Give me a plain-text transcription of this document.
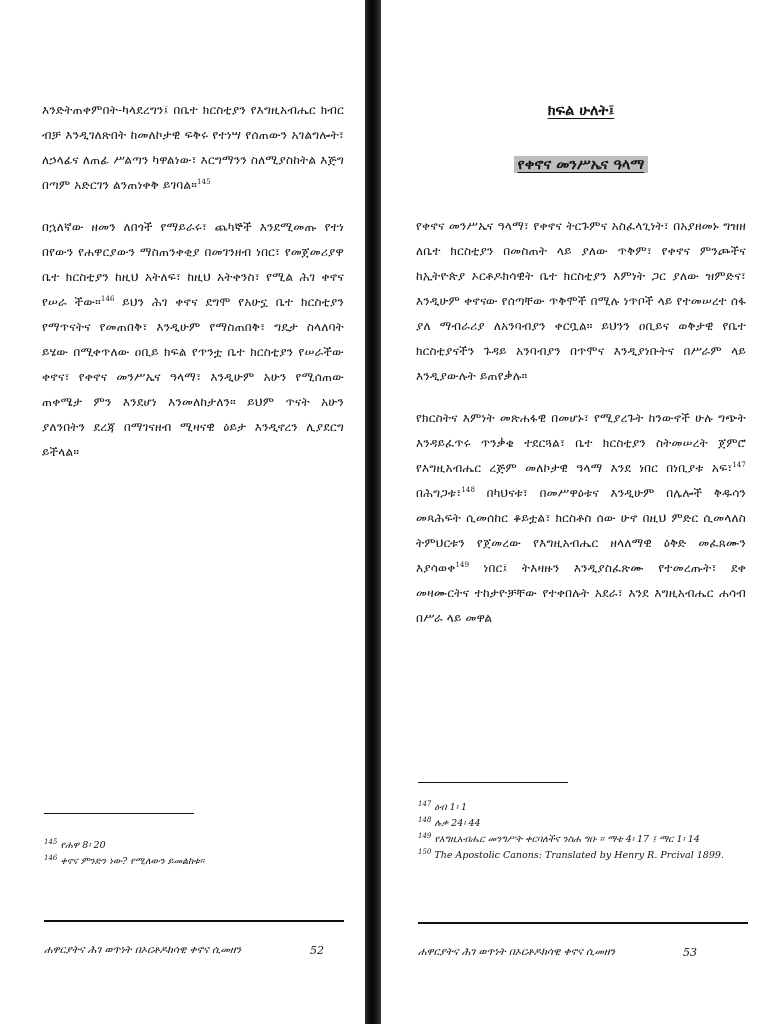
እንድትጠቀምበት-ካላደረግን፤ በቤተ ክርስቲያን የእግዚአብሔር ክብር ብቻ እንዲገለጽበት ከመለኮታዊ ፍቅሩ የተነሣ የሰጠውን አገልግሎት፣ ለኃላፊና ለጠፊ ሥልጣን ካዋልነው፣ እርግማንን ስለሚያስከትል እጅግ በጣም አድርገን ልንጠነቀቅ ይገባል።$^{145}$

በኋለኛው ዘመን ለበጎች የማይራሩ፣ ጨካኞች እንደሚመጡ የተነ በየውን የሐዋርያውን ማስጠንቀቂያ በመገንዘብ ነበር፣ የመጀመሪያዋ ቤተ ክርስቲያን ከዚህ አትለፍ፣ ከዚህ አትቀንስ፣ የሚል ሕገ ቀኖና የሠራ ችው።$^{146}$ ይህን ሕገ ቀኖና ደግሞ የአሁኗ ቤተ ክርስቲያን የማጥናትና የመጠበቅ፣ እንዲሁም የማስጠበቅ፣ ግዴታ ስላለባት ይሄው በሚቀጥለው ዐቢይ ክፍል የጥንቷ ቤተ ክርስቲያን የሠራችው ቀኖና፣ የቀኖና መንሥኤና ዓላማ፣ እንዲሁም አሁን የሚሰጠው ጠቀሜታ ምን እንደሆነ እንመለከታለን። ይህም ጥናት አሁን ያለንበትን ደረጃ በማገናዘብ ሚዛናዊ ዕይታ እንዲኖረን ሊያደርግ ይችላል።

$^{145}$ የሐዋ 8፡ 20
$^{146}$ ቀኖና ምንድን ነው? የሚለውን ይመልከቱ።
ሐዋርያትና ሕገ ወጥነት በኦርቶዶክሳዊ ቀኖና ሲመዘን	52
ክፍል ሁለት፤
የቀኖና መንሥኤና ዓላማ

የቀኖና መንሥኤና ዓላማ፣ የቀኖና ትርጉምና አስፈላጊነት፣ በአያዘመኑ ግዝዘ ለቤተ ክርስቲያን በመስጠት ላይ ያለው ጥቅም፣ የቀኖና ምንጮችና ከኢትዮጵያ ኦርቶዶክሳዊት ቤተ ክርስቲያን እምነት ጋር ያለው ዝምድና፣ እንዲሁም ቀኖናው የሰጣቸው ጥቅሞች በሚሉ ነጥቦች ላይ የተመሠረተ ሰፋ ያለ ማብራሪያ ለአንባብያን ቀርቧል። ይህንን ዐቢይና ወቅታዊ የቤተ ክርስቲያናችን ጉዳይ አንባብያን በጥሞና እንዲያነቡትና በሥራም ላይ እንዲያውሉት ይጠየቃሉ።

የክርስትና እምነት መጽሐፋዊ በመሆኑ፣ የሚያረጉት ከንውኖች ሁሉ ግጭት እንዳይፈጥሩ ጥንቃቄ ተደርጓል፣ ቤተ ክርስቲያን ስትመሠረት ጀምሮ የእግዚአብሔር ረጅም መለኮታዊ ዓላማ እንደ ነበር በነቢያቱ አፍ፣$^{147}$ በሕግጋቱ፣$^{148}$ በካህናቱ፣ በመሥዋዕቱና እንዲሁም በሌሎች ቅዱሳን መጻሕፍት ሲመሰከር ቆይቷል፣ ክርስቶስ ሰው ሁኖ በዚህ ምድር ሲመላለስ ትምህርቱን የጀመረው የእግዚአብሔር ዘላለማዊ ዕቅድ መፈጸሙን እያሳወቀ$^{149}$ ነበር፤ ትእዛዙን እንዲያስፈጽሙ የተመረጡት፣ ደቀ መዛሙርትና ተከታዮቻቸው የተቀበሉት አደራ፣ እንደ እግዚአብሔር ሐሳብ በሥራ ላይ መዋል

$^{147}$ ዕብ 1፡ 1
$^{148}$ ሉቃ 24፡ 44
$^{149}$ የእግዚአብሔር መንግሥት ቀርባለችና ንስሐ ግቡ ። ማቴ 4፡ 17 ፤ ማር 1፡ 14
$^{150}$ The Apostolic Canons: Translated by Henry R. Prcival 1899.
ሐዋርያትና ሕገ ወጥነት በኦርቶዶክሳዊ ቀኖና ሲመዘን	53
